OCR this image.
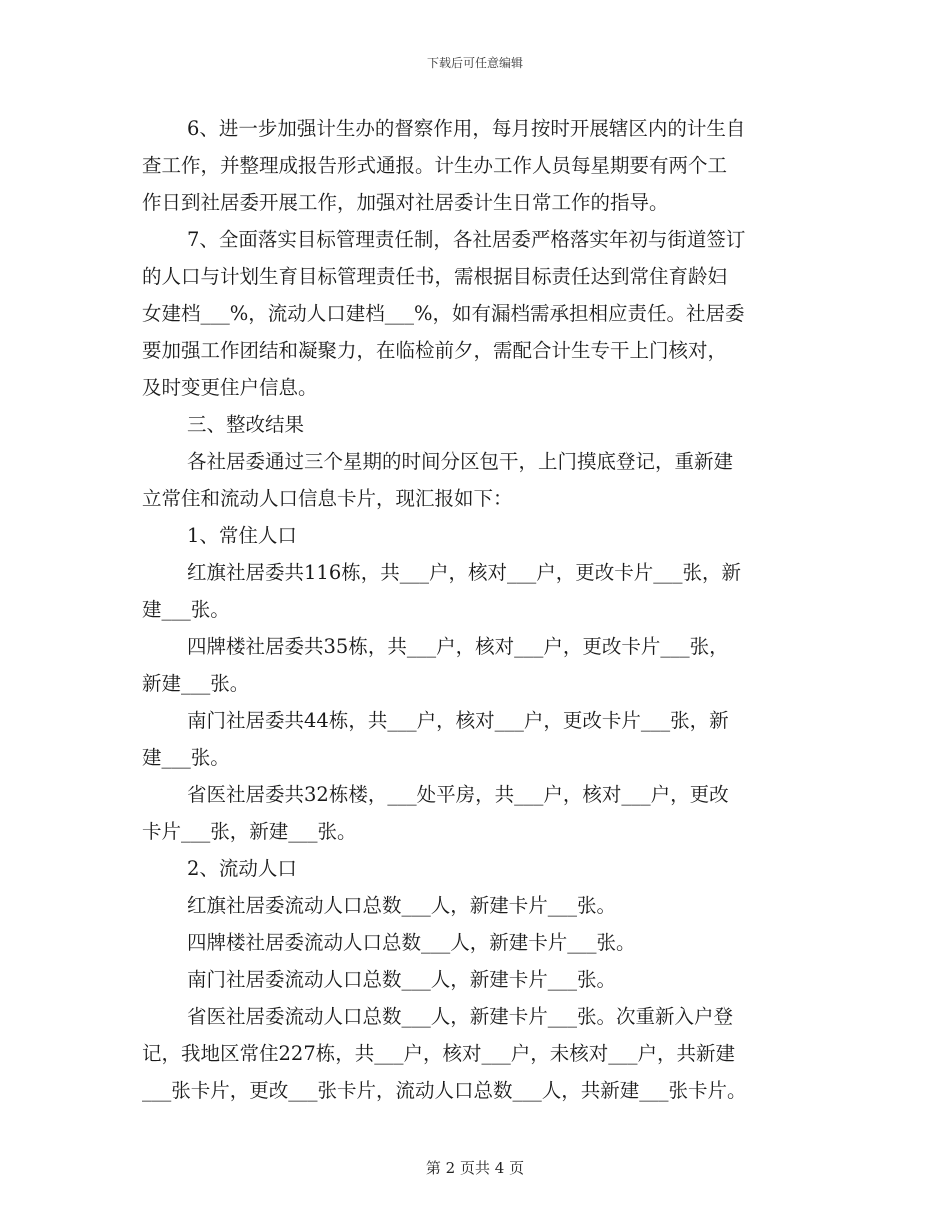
下载后可任意编辑
6、进一步加强计生办的督察作用，每月按时开展辖区内的计生自
查工作，并整理成报告形式通报。计生办工作人员每星期要有两个工
作日到社居委开展工作，加强对社居委计生日常工作的指导。
7、全面落实目标管理责任制，各社居委严格落实年初与街道签订
的人口与计划生育目标管理责任书，需根据目标责任达到常住育龄妇
女建档___%，流动人口建档___%，如有漏档需承担相应责任。社居委
要加强工作团结和凝聚力，在临检前夕，需配合计生专干上门核对，
及时变更住户信息。
三、整改结果
各社居委通过三个星期的时间分区包干，上门摸底登记，重新建
立常住和流动人口信息卡片，现汇报如下：
1、常住人口
红旗社居委共116栋，共___户，核对___户，更改卡片___张，新
建___张。
四牌楼社居委共35栋，共___户，核对___户，更改卡片___张，
新建___张。
南门社居委共44栋，共___户，核对___户，更改卡片___张，新
建___张。
省医社居委共32栋楼，___处平房，共___户，核对___户，更改
卡片___张，新建___张。
2、流动人口
红旗社居委流动人口总数___人，新建卡片___张。
四牌楼社居委流动人口总数___人，新建卡片___张。
南门社居委流动人口总数___人，新建卡片___张。
省医社居委流动人口总数___人，新建卡片___张。次重新入户登
记，我地区常住227栋，共___户，核对___户，未核对___户，共新建
___张卡片，更改___张卡片，流动人口总数___人，共新建___张卡片。
第 2 页共 4 页
